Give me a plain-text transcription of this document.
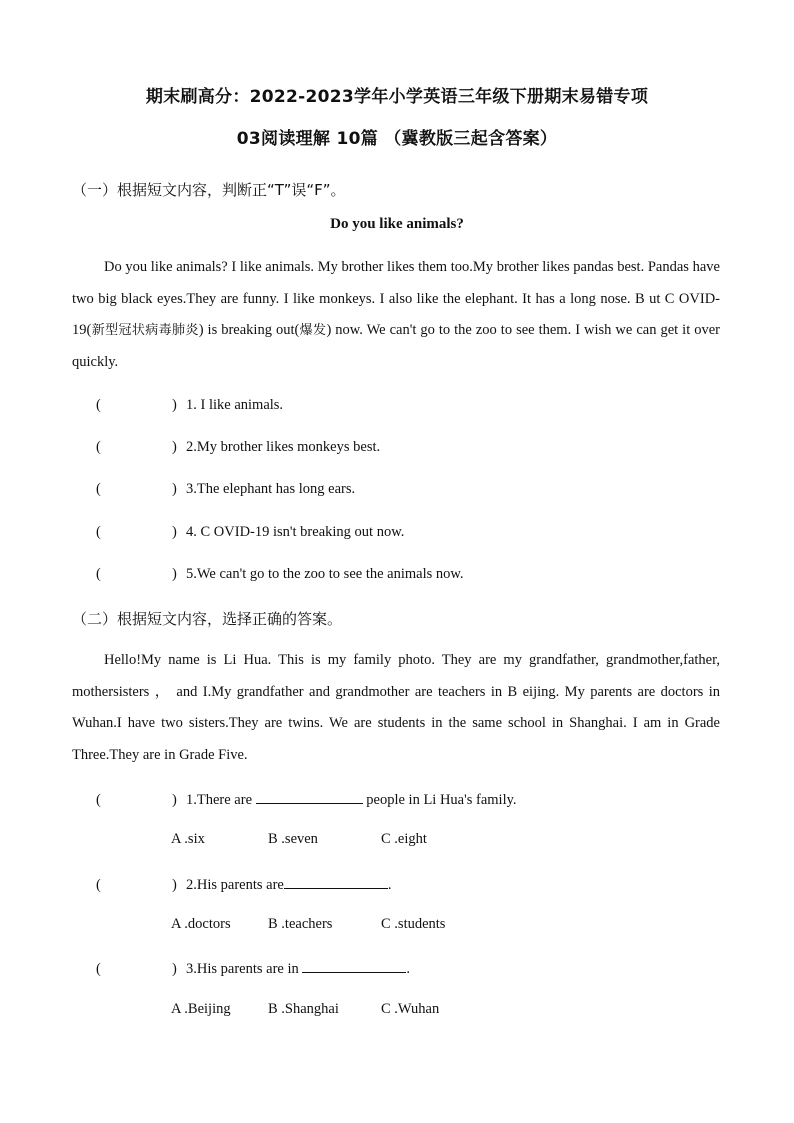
期末刷高分：2022-2023学年小学英语三年级下册期末易错专项
03阅读理解 10篇 （冀教版三起含答案）
（一）根据短文内容，判断正“T”误“F”。
Do you like animals?
Do you like animals? I like animals. My brother likes them too.My brother likes pandas best. Pandas have two big black eyes.They are funny. I like monkeys. I also like the elephant. It has a long nose. B ut C OVID-19(新型冠状病毒肺炎) is breaking out(爆发) now. We can't go to the zoo to see them. I wish we can get it over quickly.
(	) 1. I like animals.
(	) 2.My brother likes monkeys best.
(	) 3.The elephant has long ears.
(	) 4. C OVID-19 isn't breaking out now.
(	) 5.We can't go to the zoo to see the animals now.
（二）根据短文内容，选择正确的答案。
Hello!My name is Li Hua. This is my family photo. They are my grandfather, grandmother,father, mothersisters ， and I.My grandfather and grandmother are teachers in B eijing. My parents are doctors in Wuhan.I have two sisters.They are twins. We are students in the same school in Shanghai. I am in Grade Three.They are in Grade Five.
(	) 1.There are	people in Li Hua's family.
A .six	B .seven	C .eight
(	) 2.His parents are	.
A .doctors	B .teachers	C .students
(	) 3.His parents are in	.
A .Beijing	B .Shanghai	C .Wuhan
